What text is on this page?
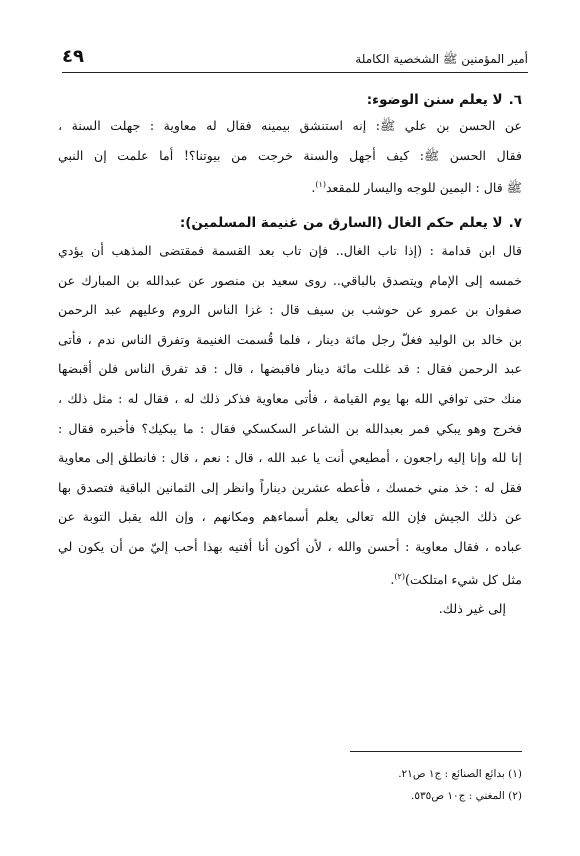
أمير المؤمنين ﷺ الشخصية الكاملة
٤٩
٦.لا يعلم سنن الوضوء:
عن الحسن بن علي ﷺ: إنه استنشق بيمينه فقال له معاوية : جهلت السنة ،
فقال الحسن ﷺ: كيف أجهل والسنة خرجت من بيوتنا؟! أما علمت إن النبي
ﷺ قال : اليمين للوجه واليسار للمقعد$^{(١)}$.
٧.لا يعلم حكم الغال (السارق من غنيمة المسلمين):
قال ابن قدامة : (إذا تاب الغال.. فإن تاب بعد القسمة فمقتضى المذهب أن يؤدي
خمسه إلى الإمام ويتصدق بالباقي.. روى سعيد بن منصور عن عبدالله بن المبارك عن
صفوان بن عمرو عن حوشب بن سيف قال : غزا الناس الروم وعليهم عبد الرحمن
بن خالد بن الوليد فغلّ رجل مائة دينار ، فلما قُسمت الغنيمة وتفرق الناس ندم ، فأتى
عبد الرحمن فقال : قد غللت مائة دينار فاقبضها ، قال : قد تفرق الناس فلن أقبضها
منك حتى توافي الله بها يوم القيامة ، فأتى معاوية فذكر ذلك له ، فقال له : مثل ذلك ،
فخرج وهو يبكي فمر بعبدالله بن الشاعر السكسكي فقال : ما يبكيك؟ فأخبره فقال :
إنا لله وإنا إليه راجعون ، أمطيعي أنت يا عبد الله ، قال : نعم ، قال : فانطلق إلى معاوية
فقل له : خذ مني خمسك ، فأعطه عشرين ديناراً وانظر إلى الثمانين الباقية فتصدق بها
عن ذلك الجيش فإن الله تعالى يعلم أسماءهم ومكانهم ، وإن الله يقبل التوبة عن
عباده ، فقال معاوية : أحسن والله ، لأن أكون أنا أفتيه بهذا أحب إليّ من أن يكون لي
مثل كل شيء امتلكت)$^{(٢)}$.
إلى غير ذلك.
(١) بدائع الصنائع : ج١ ص٢١.
(٢) المغني : ج١٠ ص٥٣٥.
